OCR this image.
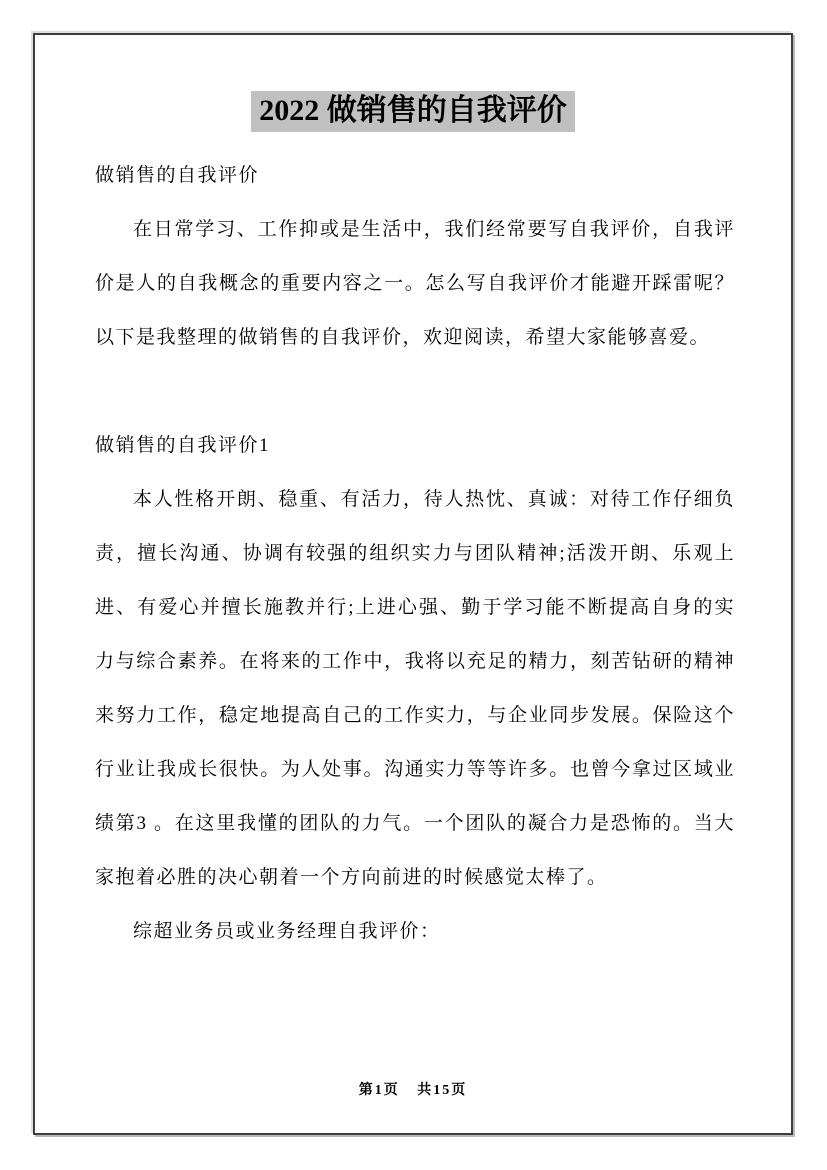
2022 做销售的自我评价

做销售的自我评价

在日常学习、工作抑或是生活中，我们经常要写自我评价，自我评价是人的自我概念的重要内容之一。怎么写自我评价才能避开踩雷呢？以下是我整理的做销售的自我评价，欢迎阅读，希望大家能够喜爱。

做销售的自我评价1

本人性格开朗、稳重、有活力，待人热忱、真诚：对待工作仔细负责，擅长沟通、协调有较强的组织实力与团队精神;活泼开朗、乐观上进、有爱心并擅长施教并行;上进心强、勤于学习能不断提高自身的实力与综合素养。在将来的工作中，我将以充足的精力，刻苦钻研的精神来努力工作，稳定地提高自己的工作实力，与企业同步发展。保险这个行业让我成长很快。为人处事。沟通实力等等许多。也曾今拿过区域业绩第3 。在这里我懂的团队的力气。一个团队的凝合力是恐怖的。当大家抱着必胜的决心朝着一个方向前进的时候感觉太棒了。

综超业务员或业务经理自我评价：

第1页 共15页
